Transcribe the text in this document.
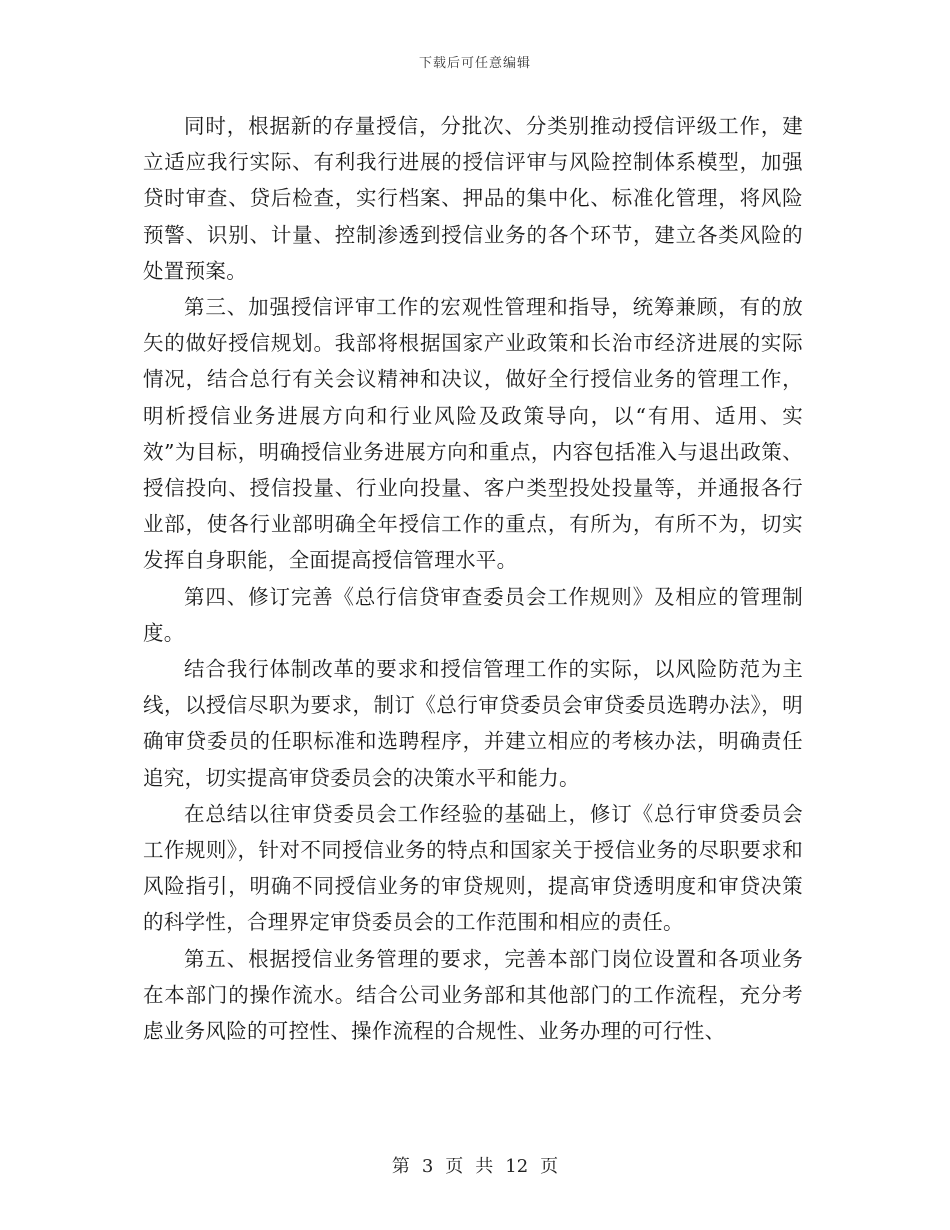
下载后可任意编辑

同时，根据新的存量授信，分批次、分类别推动授信评级工作，建立适应我行实际、有利我行进展的授信评审与风险控制体系模型，加强贷时审查、贷后检查，实行档案、押品的集中化、标准化管理，将风险预警、识别、计量、控制渗透到授信业务的各个环节，建立各类风险的处置预案。

第三、加强授信评审工作的宏观性管理和指导，统筹兼顾，有的放矢的做好授信规划。我部将根据国家产业政策和长治市经济进展的实际情况，结合总行有关会议精神和决议，做好全行授信业务的管理工作，明析授信业务进展方向和行业风险及政策导向，以“有用、适用、实效”为目标，明确授信业务进展方向和重点，内容包括准入与退出政策、授信投向、授信投量、行业向投量、客户类型投处投量等，并通报各行业部，使各行业部明确全年授信工作的重点，有所为，有所不为，切实发挥自身职能，全面提高授信管理水平。

第四、修订完善《总行信贷审查委员会工作规则》及相应的管理制度。

结合我行体制改革的要求和授信管理工作的实际，以风险防范为主线，以授信尽职为要求，制订《总行审贷委员会审贷委员选聘办法》，明确审贷委员的任职标准和选聘程序，并建立相应的考核办法，明确责任追究，切实提高审贷委员会的决策水平和能力。

在总结以往审贷委员会工作经验的基础上，修订《总行审贷委员会工作规则》，针对不同授信业务的特点和国家关于授信业务的尽职要求和风险指引，明确不同授信业务的审贷规则，提高审贷透明度和审贷决策的科学性，合理界定审贷委员会的工作范围和相应的责任。

第五、根据授信业务管理的要求，完善本部门岗位设置和各项业务在本部门的操作流水。结合公司业务部和其他部门的工作流程，充分考虑业务风险的可控性、操作流程的合规性、业务办理的可行性、

第 3 页 共 12 页
